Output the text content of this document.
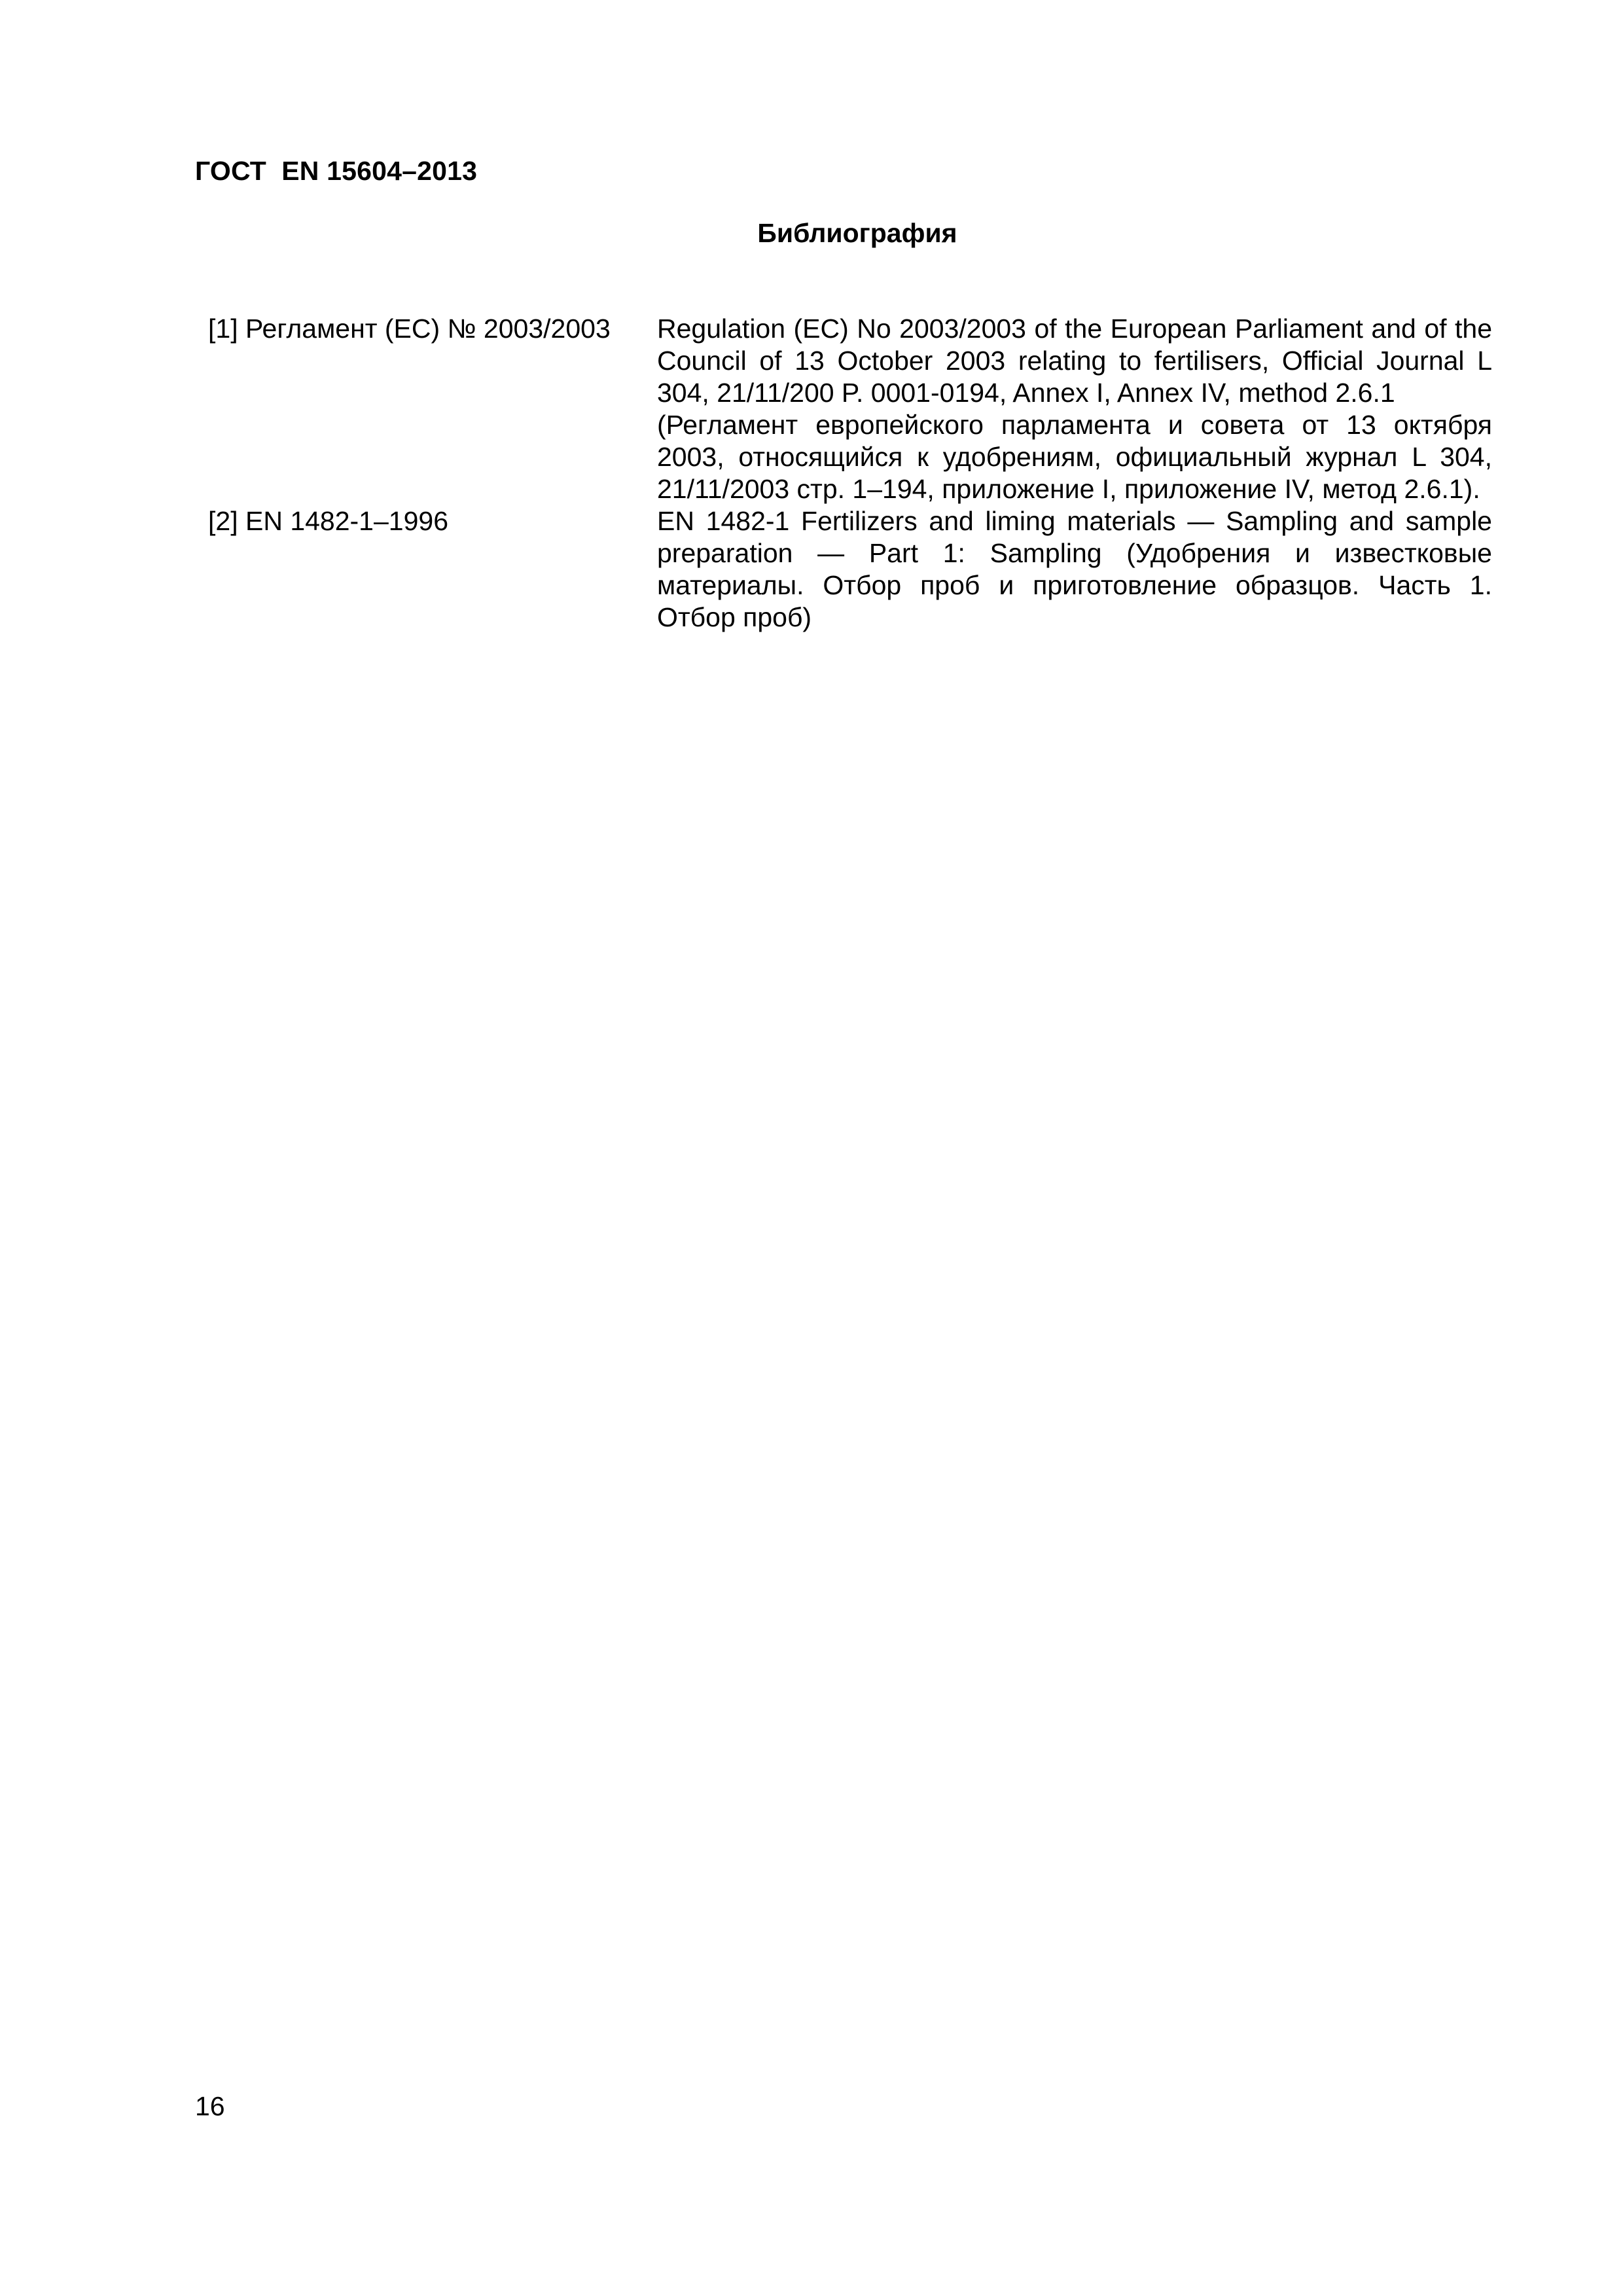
ГОСТ  EN 15604–2013
Библиография
[1] Регламент (ЕС) № 2003/2003	Regulation (EC) No 2003/2003 of the European Parliament and of the Council of 13 October 2003 relating to fertilisers, Official Journal L 304, 21/11/200 P. 0001-0194, Annex I, Annex IV, method 2.6.1

(Регламент европейского парламента и совета от 13 октября 2003, относящийся к удобрениям, официальный журнал L 304, 21/11/2003 стр. 1–194, приложение I, приложение IV, метод 2.6.1).

[2] EN 1482-1–1996	EN 1482-1 Fertilizers and liming materials — Sampling and sample preparation — Part 1: Sampling (Удобрения и известковые материалы. Отбор проб и приготовление образцов. Часть 1. Отбор проб)

16
